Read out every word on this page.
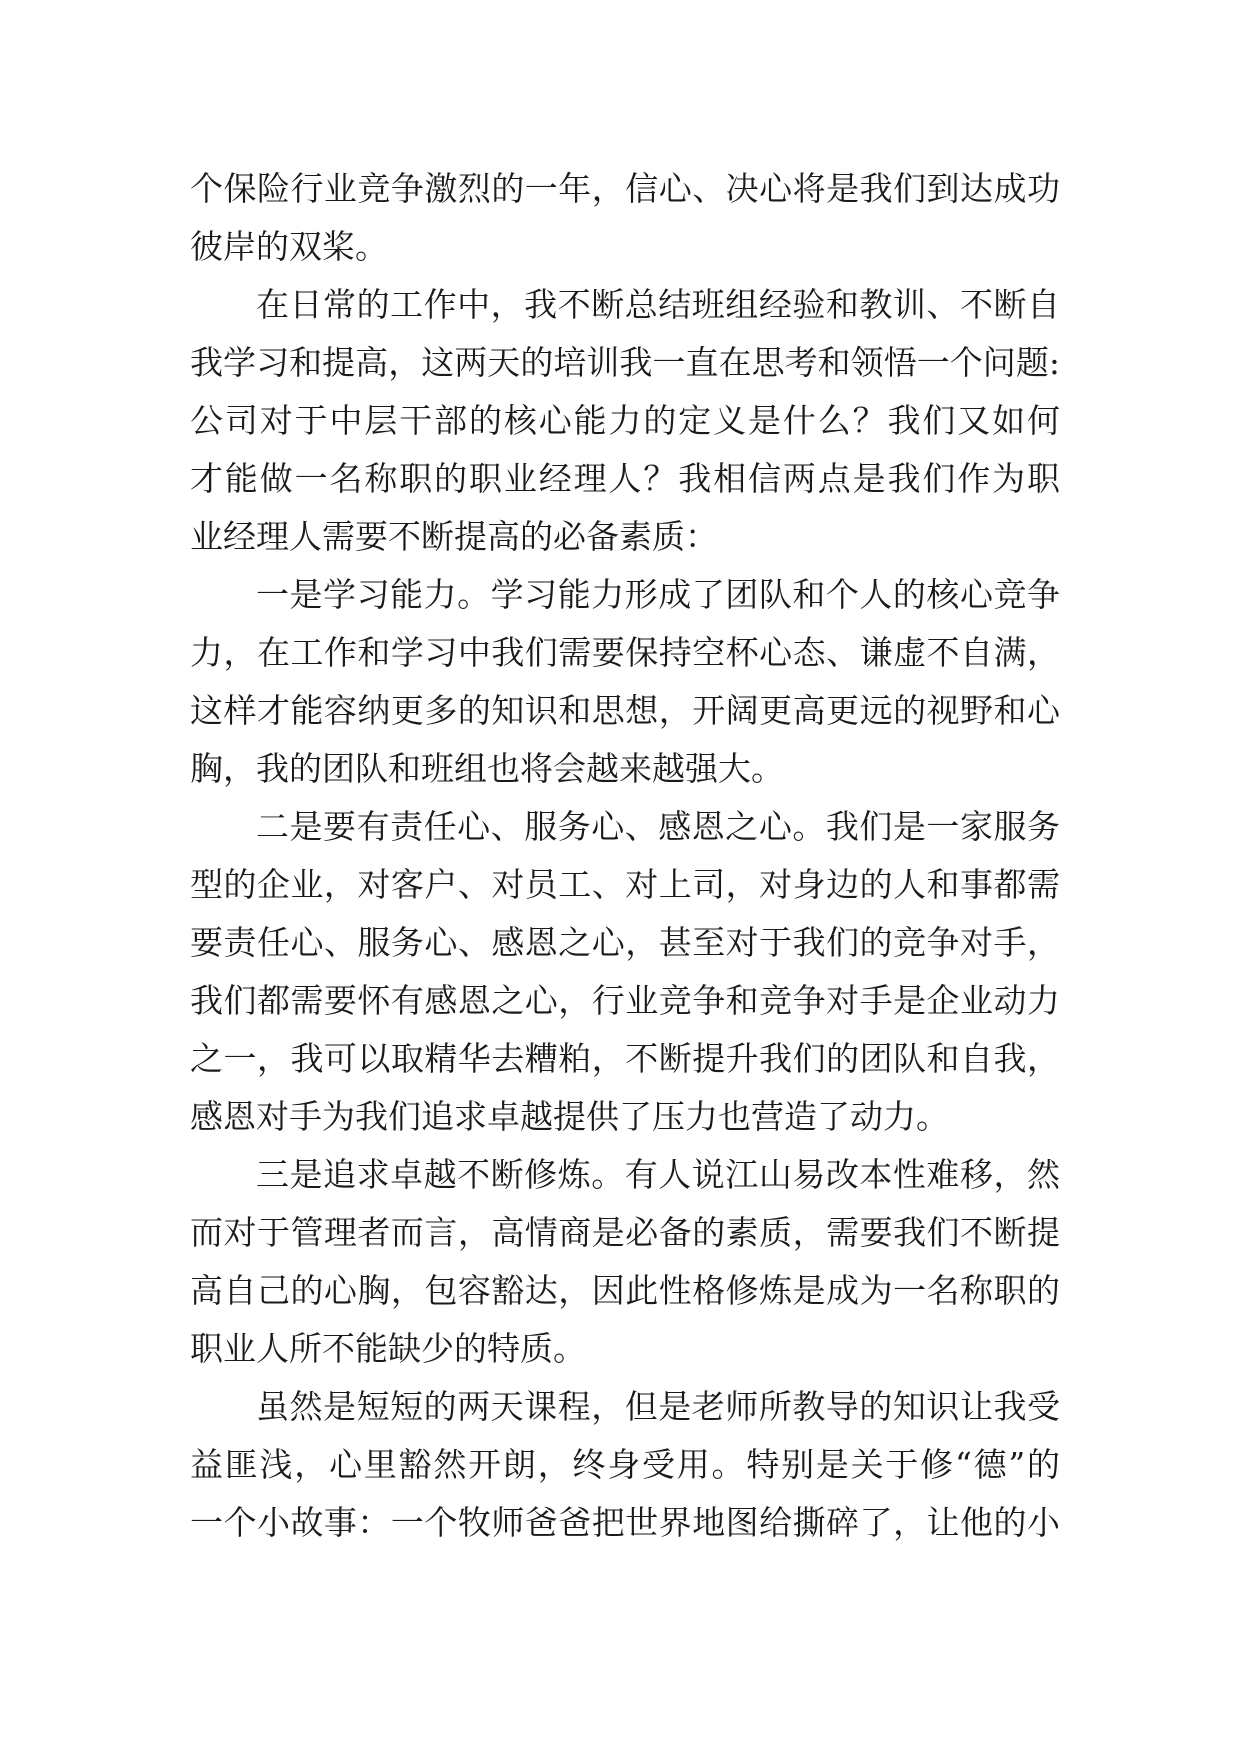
个保险行业竞争激烈的一年，信心、决心将是我们到达成功
彼岸的双桨。
在日常的工作中，我不断总结班组经验和教训、不断自
我学习和提高，这两天的培训我一直在思考和领悟一个问题:
公司对于中层干部的核心能力的定义是什么？我们又如何
才能做一名称职的职业经理人？我相信两点是我们作为职
业经理人需要不断提高的必备素质：
一是学习能力。学习能力形成了团队和个人的核心竞争
力，在工作和学习中我们需要保持空杯心态、谦虚不自满，
这样才能容纳更多的知识和思想，开阔更高更远的视野和心
胸，我的团队和班组也将会越来越强大。
二是要有责任心、服务心、感恩之心。我们是一家服务
型的企业，对客户、对员工、对上司，对身边的人和事都需
要责任心、服务心、感恩之心，甚至对于我们的竞争对手，
我们都需要怀有感恩之心，行业竞争和竞争对手是企业动力
之一，我可以取精华去糟粕，不断提升我们的团队和自我，
感恩对手为我们追求卓越提供了压力也营造了动力。
三是追求卓越不断修炼。有人说江山易改本性难移，然
而对于管理者而言，高情商是必备的素质，需要我们不断提
高自己的心胸，包容豁达，因此性格修炼是成为一名称职的
职业人所不能缺少的特质。
虽然是短短的两天课程，但是老师所教导的知识让我受
益匪浅，心里豁然开朗，终身受用。特别是关于修“德”的
一个小故事：一个牧师爸爸把世界地图给撕碎了，让他的小
